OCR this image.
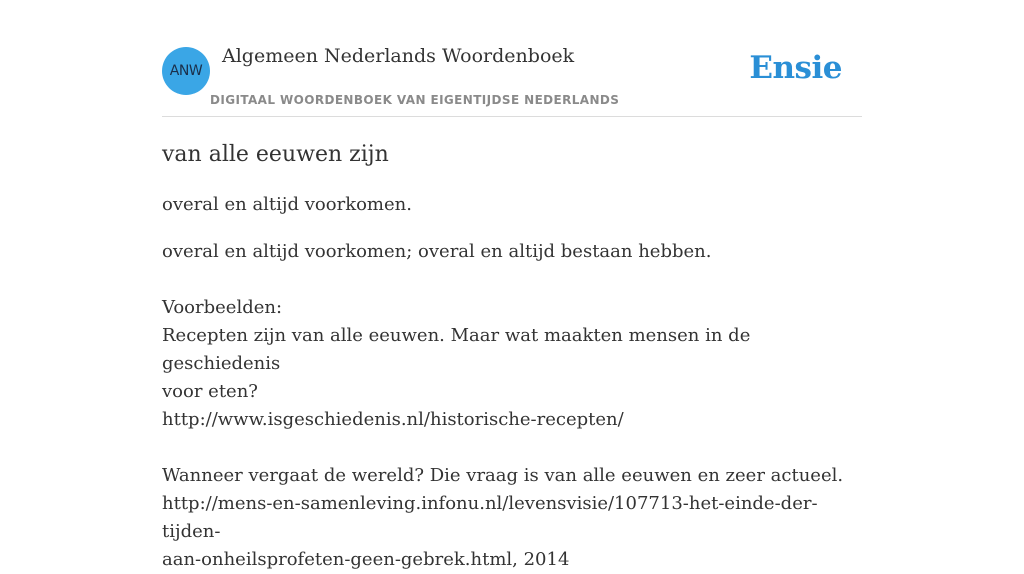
ANW
Algemeen Nederlands Woordenboek
DIGITAAL WOORDENBOEK VAN EIGENTIJDSE NEDERLANDS
Ensie
van alle eeuwen zijn

overal en altijd voorkomen.

overal en altijd voorkomen; overal en altijd bestaan hebben.
Voorbeelden:
Recepten zijn van alle eeuwen. Maar wat maakten mensen in de geschiedenis
voor eten?
http://www.isgeschiedenis.nl/historische-recepten/
Wanneer vergaat de wereld? Die vraag is van alle eeuwen en zeer actueel.
http://mens-en-samenleving.infonu.nl/levensvisie/107713-het-einde-der-tijden-
aan-onheilsprofeten-geen-gebrek.html, 2014
